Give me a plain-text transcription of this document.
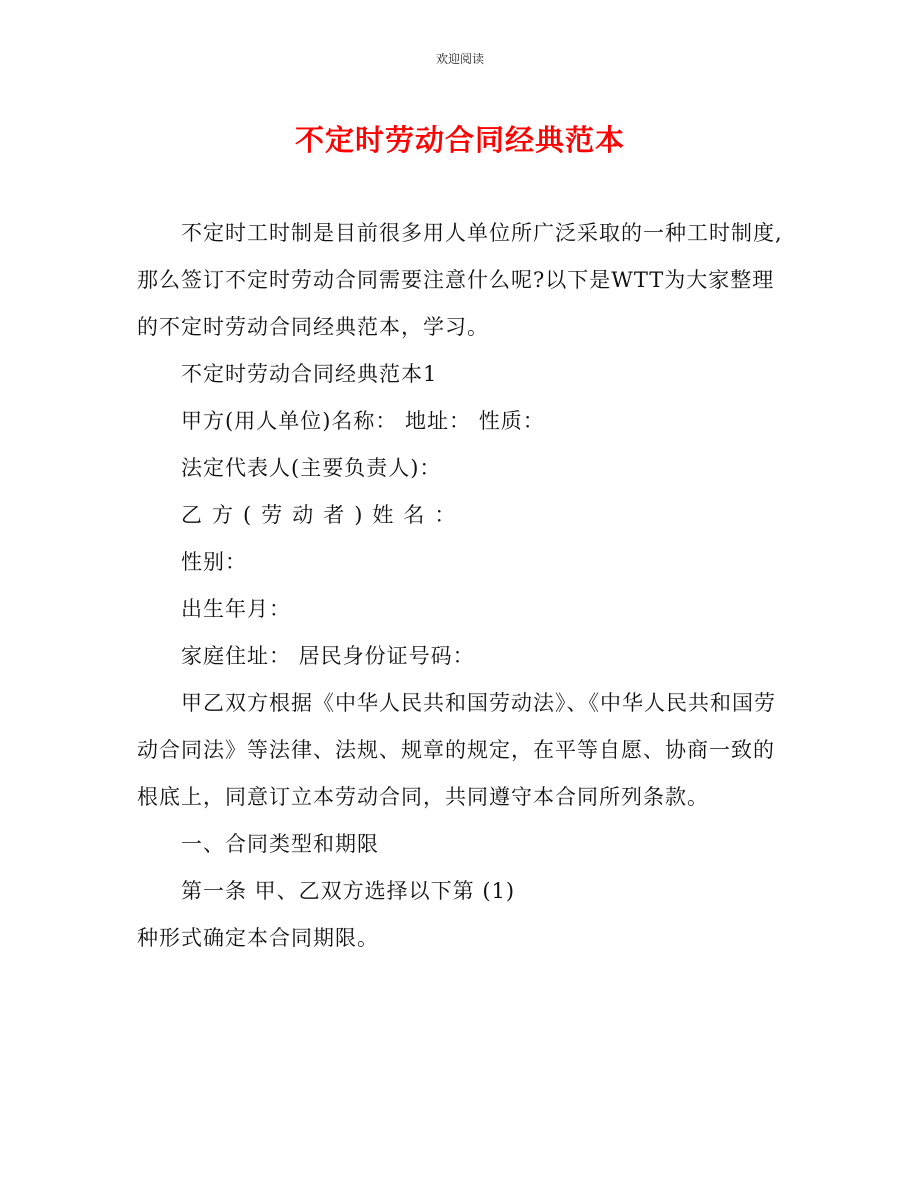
欢迎阅读
不定时劳动合同经典范本

不定时工时制是目前很多用人单位所广泛采取的一种工时制度,那么签订不定时劳动合同需要注意什么呢?以下是WTT为大家整理的不定时劳动合同经典范本，学习。

不定时劳动合同经典范本1

甲方(用人单位)名称： 地址： 性质：

法定代表人(主要负责人)：

乙方(劳动者)姓名：

性别：

出生年月：

家庭住址： 居民身份证号码：

甲乙双方根据《中华人民共和国劳动法》、《中华人民共和国劳动合同法》等法律、法规、规章的规定，在平等自愿、协商一致的根底上，同意订立本劳动合同，共同遵守本合同所列条款。

一、合同类型和期限

第一条 甲、乙双方选择以下第 (1)

种形式确定本合同期限。
